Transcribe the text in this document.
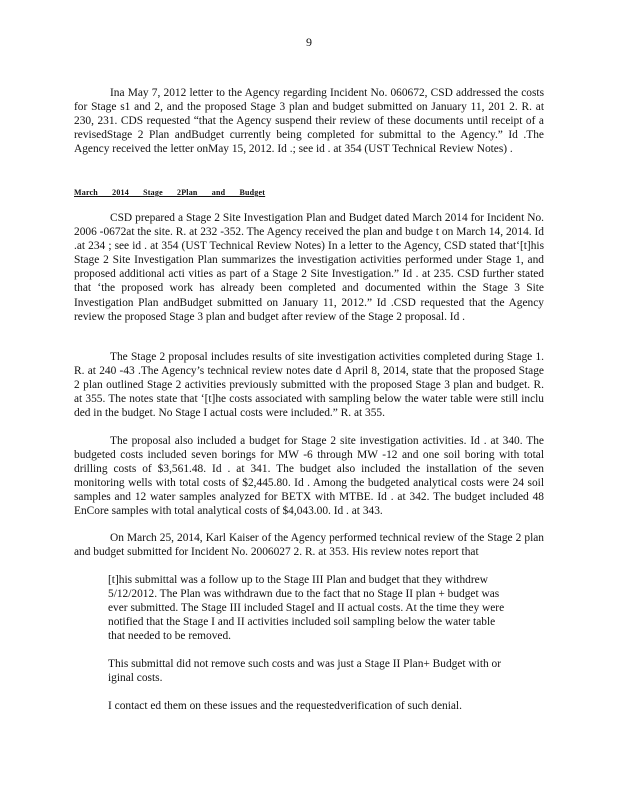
9

Ina May 7, 2012 letter to the Agency regarding Incident No. 060672, CSD addressed the costs for Stage s1 and 2, and the proposed Stage 3 plan and budget submitted on January 11, 201 2. R. at 230, 231. CDS requested “that the Agency suspend their review of these documents until receipt of a revisedStage 2 Plan andBudget currently being completed for submittal to the Agency.” Id .The Agency received the letter onMay 15, 2012. Id .; see id . at 354 (UST Technical Review Notes) .

March 2014 Stage 2Plan and Budget

CSD prepared a Stage 2 Site Investigation Plan and Budget dated March 2014 for Incident No. 2006 -0672at the site. R. at 232 -352. The Agency received the plan and budge t on March 14, 2014. Id .at 234 ; see id . at 354 (UST Technical Review Notes) In a letter to the Agency, CSD stated that‘[t]his Stage 2 Site Investigation Plan summarizes the investigation activities performed under Stage 1, and proposed additional acti vities as part of a Stage 2 Site Investigation.” Id . at 235. CSD further stated that ‘the proposed work has already been completed and documented within the Stage 3 Site Investigation Plan andBudget submitted on January 11, 2012.” Id .CSD requested that the Agency review the proposed Stage 3 plan and budget after review of the Stage 2 proposal. Id .

The Stage 2 proposal includes results of site investigation activities completed during Stage 1. R. at 240 -43 .The Agency’s technical review notes date d April 8, 2014, state that the proposed Stage 2 plan outlined Stage 2 activities previously submitted with the proposed Stage 3 plan and budget. R. at 355. The notes state that ‘[t]he costs associated with sampling below the water table were still inclu ded in the budget. No Stage I actual costs were included.” R. at 355.

The proposal also included a budget for Stage 2 site investigation activities. Id . at 340. The budgeted costs included seven borings for MW -6 through MW -12 and one soil boring with total drilling costs of $3,561.48. Id . at 341. The budget also included the installation of the seven monitoring wells with total costs of $2,445.80. Id . Among the budgeted analytical costs were 24 soil samples and 12 water samples analyzed for BETX with MTBE. Id . at 342. The budget included 48 EnCore samples with total analytical costs of $4,043.00. Id . at 343.

On March 25, 2014, Karl Kaiser of the Agency performed technical review of the Stage 2 plan and budget submitted for Incident No. 2006027 2. R. at 353. His review notes report that

[t]his submittal was a follow up to the Stage III Plan and budget that they withdrew 5/12/2012. The Plan was withdrawn due to the fact that no Stage II plan + budget was ever submitted. The Stage III included StageI and II actual costs. At the time they were notified that the Stage I and II activities included soil sampling below the water table that needed to be removed.

This submittal did not remove such costs and was just a Stage II Plan+ Budget with or iginal costs.

I contact ed them on these issues and the requestedverification of such denial.
